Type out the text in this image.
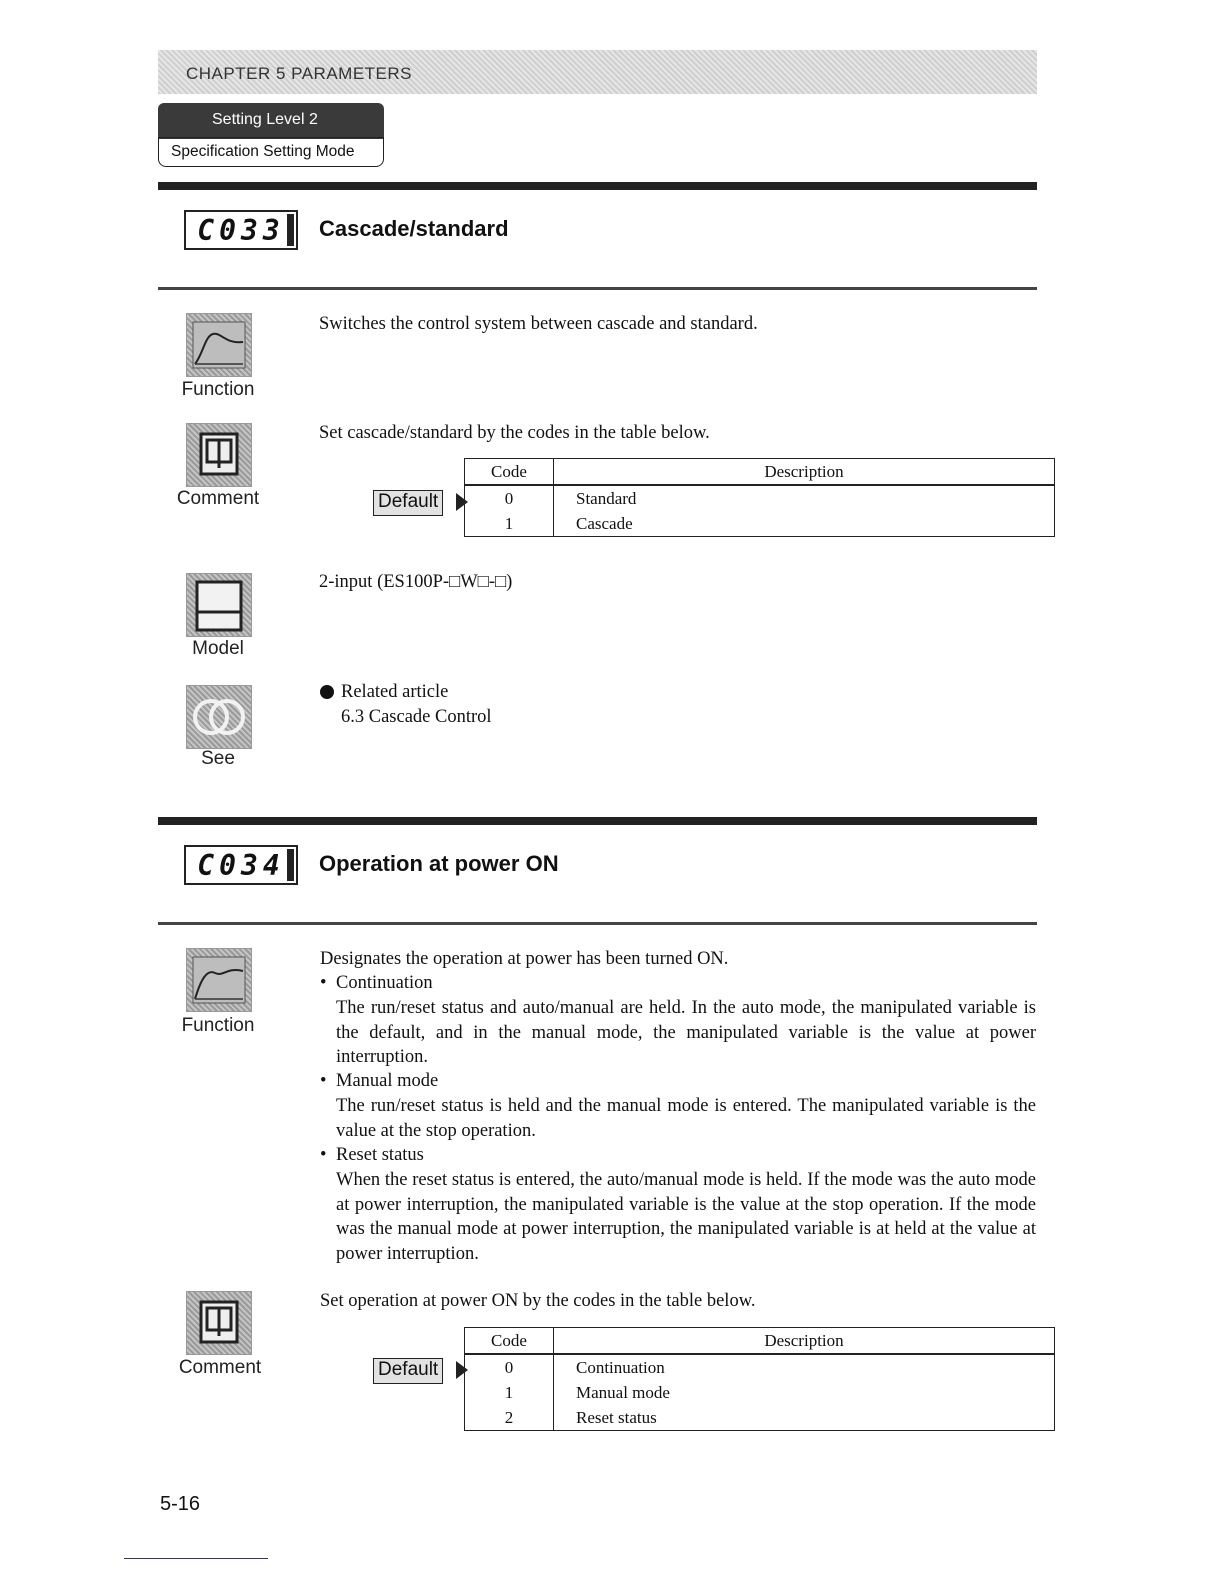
CHAPTER 5 PARAMETERS
Setting Level 2
Specification Setting Mode
C033	Cascade/standard
Function
Switches the control system between cascade and standard.
Comment
Set cascade/standard by the codes in the table below.
Default
Code	Description
0	Standard
1	Cascade
Model
2-input (ES100P-□W□-□)
See
Related article
6.3 Cascade Control
C034	Operation at power ON
Function
Designates the operation at power has been turned ON.
• Continuation
The run/reset status and auto/manual are held. In the auto mode, the manipulated variable is the default, and in the manual mode, the manipulated variable is the value at power interruption.
• Manual mode
The run/reset status is held and the manual mode is entered. The manipulated variable is the value at the stop operation.
• Reset status
When the reset status is entered, the auto/manual mode is held. If the mode was the auto mode at power interruption, the manipulated variable is the value at the stop operation. If the mode was the manual mode at power interruption, the manipulated variable is at held at the value at power interruption.
Comment
Set operation at power ON by the codes in the table below.
Default
Code	Description
0	Continuation
1	Manual mode
2	Reset status
5-16
